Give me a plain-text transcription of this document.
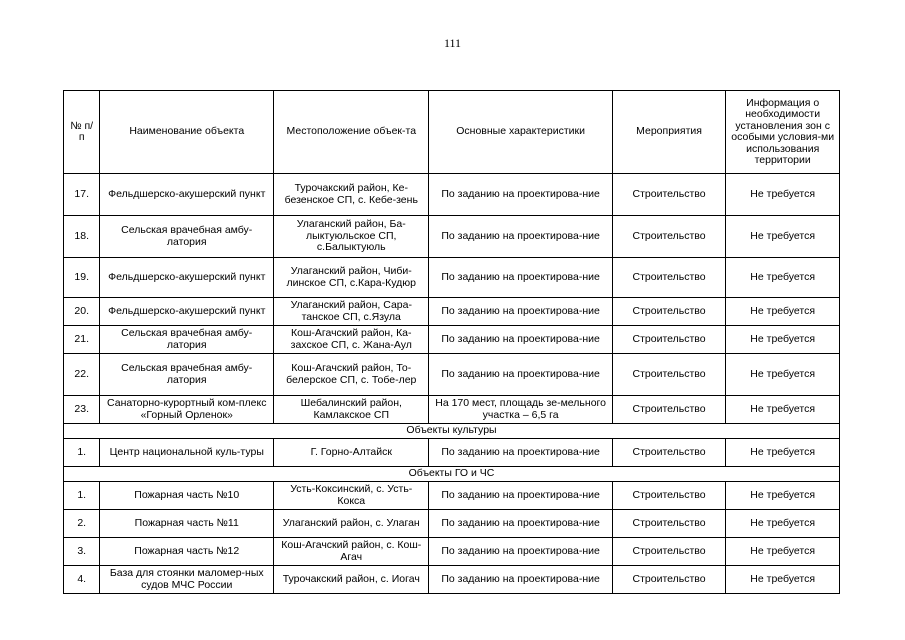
111
№ п/п	Наименование объекта	Местоположение объек-та	Основные характеристики	Мероприятия	Информация о необходимости установления зон с особыми условия-ми использования территории
17.	Фельдшерско-акушерский пункт	Турочакский район, Ке-безенское СП, с. Кебе-зень	По заданию на проектирова-ние	Строительство	Не требуется
18.	Сельская врачебная амбу-латория	Улаганский район, Ба-лыктуюльское СП, с.Балыктуюль	По заданию на проектирова-ние	Строительство	Не требуется
19.	Фельдшерско-акушерский пункт	Улаганский район, Чиби-линское СП, с.Кара-Кудюр	По заданию на проектирова-ние	Строительство	Не требуется
20.	Фельдшерско-акушерский пункт	Улаганский район, Сара-танское СП, с.Язула	По заданию на проектирова-ние	Строительство	Не требуется
21.	Сельская врачебная амбу-латория	Кош-Агачский район, Ка-захское СП, с. Жана-Аул	По заданию на проектирова-ние	Строительство	Не требуется
22.	Сельская врачебная амбу-латория	Кош-Агачский район, То-белерское СП, с. Тобе-лер	По заданию на проектирова-ние	Строительство	Не требуется
23.	Санаторно-курортный ком-плекс «Горный Орленок»	Шебалинский район, Камлакское СП	На 170 мест, площадь зе-мельного участка – 6,5 га	Строительство	Не требуется
Объекты культуры					
1.	Центр национальной куль-туры	Г. Горно-Алтайск	По заданию на проектирова-ние	Строительство	Не требуется
Объекты ГО и ЧС					
1.	Пожарная часть №10	Усть-Коксинский, с. Усть-Кокса	По заданию на проектирова-ние	Строительство	Не требуется
2.	Пожарная часть №11	Улаганский район, с. Улаган	По заданию на проектирова-ние	Строительство	Не требуется
3.	Пожарная часть №12	Кош-Агачский район, с. Кош-Агач	По заданию на проектирова-ние	Строительство	Не требуется
4.	База для стоянки маломер-ных судов МЧС России	Турочакский район, с. Иогач	По заданию на проектирова-ние	Строительство	Не требуется
